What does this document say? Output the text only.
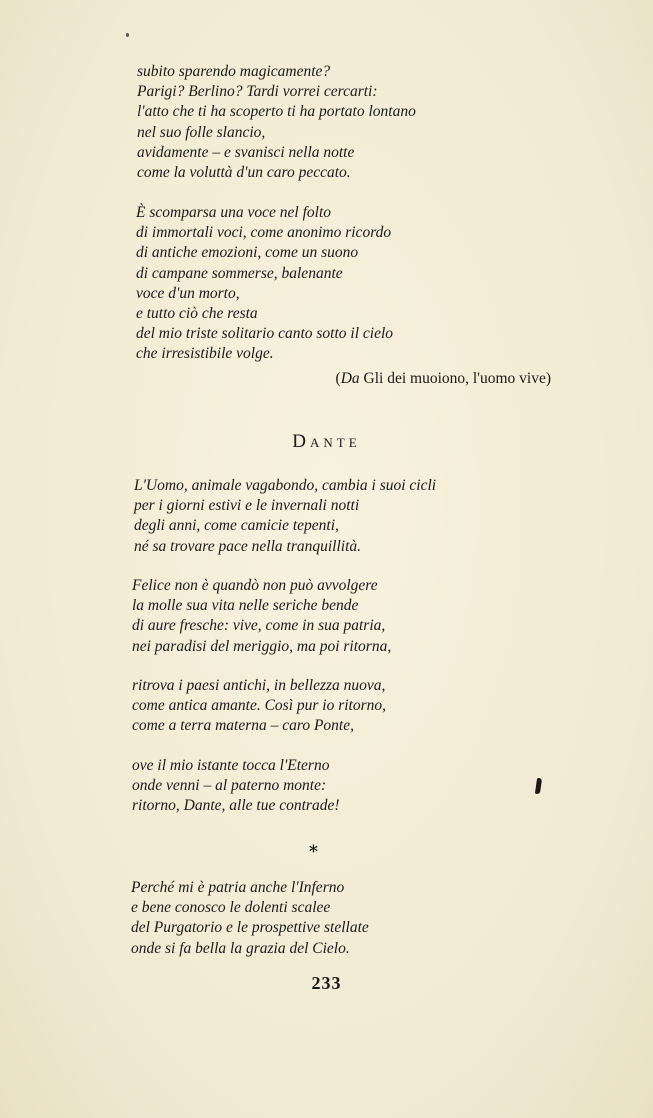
subito sparendo magicamente?
Parigi? Berlino? Tardi vorrei cercarti:
l'atto che ti ha scoperto ti ha portato lontano
nel suo folle slancio,
avidamente – e svanisci nella notte
come la voluttà d'un caro peccato.
È scomparsa una voce nel folto
di immortali voci, come anonimo ricordo
di antiche emozioni, come un suono
di campane sommerse, balenante
voce d'un morto,
e tutto ciò che resta
del mio triste solitario canto sotto il cielo
che irresistibile volge.
(Da Gli dei muoiono, l'uomo vive)
DANTE
L'Uomo, animale vagabondo, cambia i suoi cicli
per i giorni estivi e le invernali notti
degli anni, come camicie tepenti,
né sa trovare pace nella tranquillità.
Felice non è quandò non può avvolgere
la molle sua vita nelle seriche bende
di aure fresche: vive, come in sua patria,
nei paradisi del meriggio, ma poi ritorna,
ritrova i paesi antichi, in bellezza nuova,
come antica amante. Così pur io ritorno,
come a terra materna – caro Ponte,
ove il mio istante tocca l'Eterno
onde venni – al paterno monte:
ritorno, Dante, alle tue contrade!
*
Perché mi è patria anche l'Inferno
e bene conosco le dolenti scalee
del Purgatorio e le prospettive stellate
onde si fa bella la grazia del Cielo.
233
